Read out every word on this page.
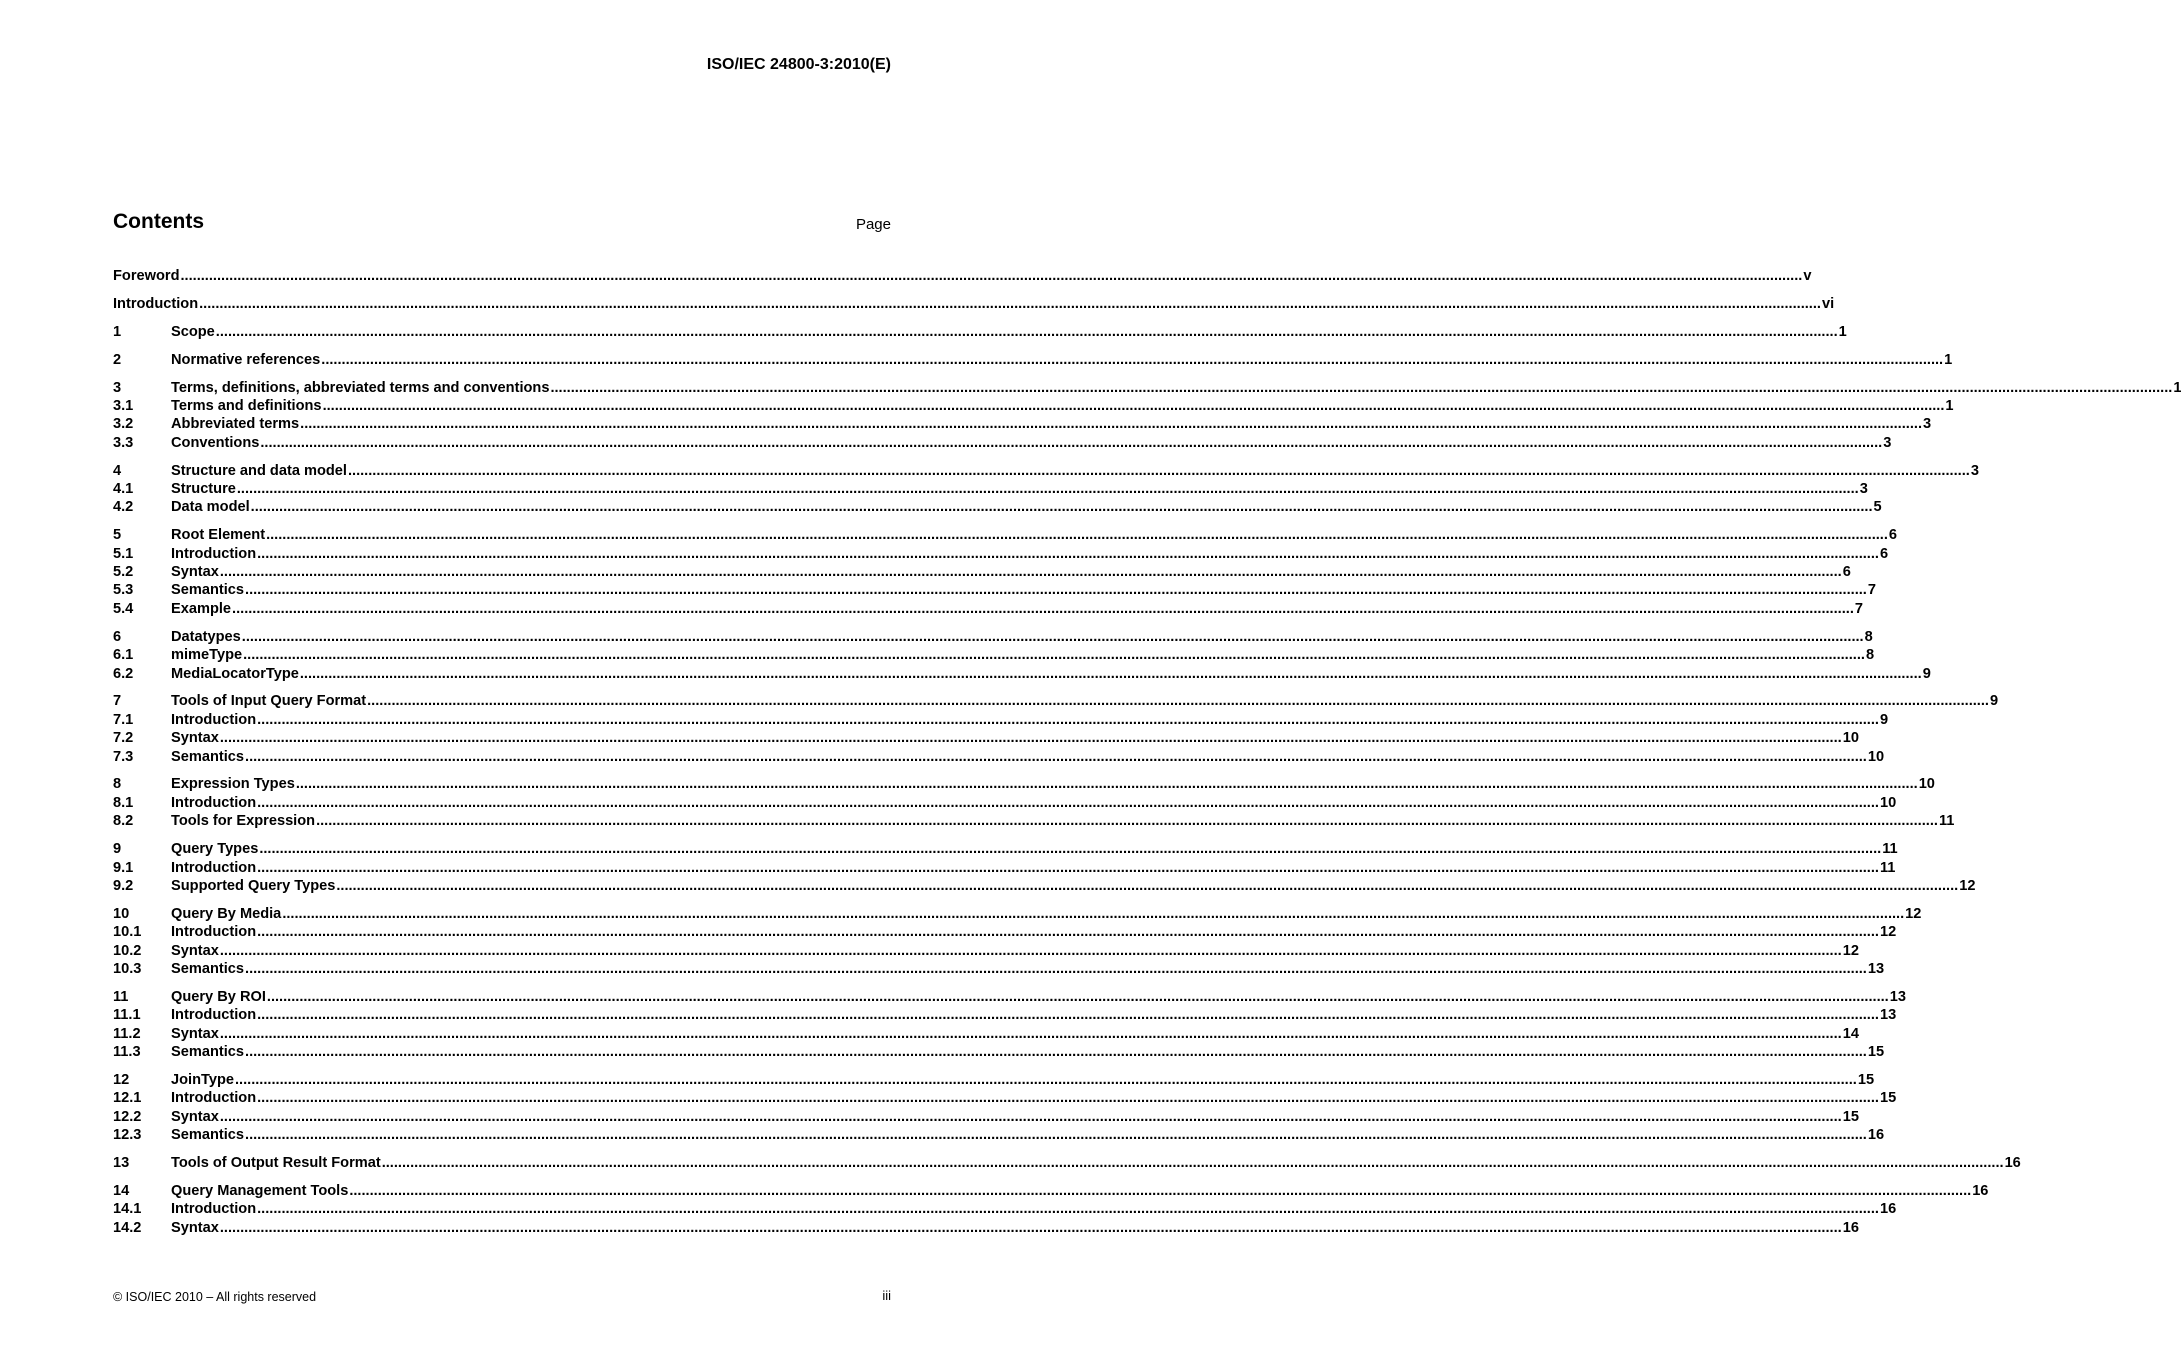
ISO/IEC 24800-3:2010(E)
Contents	Page
Foreword ................................................................................................................................................................................................................................................................................................................................................................................................................ v
Introduction ................................................................................................................................................................................................................................................................................................................................................................................................................ vi
1	Scope ................................................................................................................................................................................................................................................................................................................................................................................................................ 1
2	Normative references ................................................................................................................................................................................................................................................................................................................................................................................................................ 1
3	Terms, definitions, abbreviated terms and conventions ................................................................................................................................................................................................................................................................................................................................................................................................................ 1
3.1	Terms and definitions ................................................................................................................................................................................................................................................................................................................................................................................................................ 1
3.2	Abbreviated terms ................................................................................................................................................................................................................................................................................................................................................................................................................ 3
3.3	Conventions ................................................................................................................................................................................................................................................................................................................................................................................................................ 3
4	Structure and data model ................................................................................................................................................................................................................................................................................................................................................................................................................ 3
4.1	Structure ................................................................................................................................................................................................................................................................................................................................................................................................................ 3
4.2	Data model ................................................................................................................................................................................................................................................................................................................................................................................................................ 5
5	Root Element ................................................................................................................................................................................................................................................................................................................................................................................................................ 6
5.1	Introduction ................................................................................................................................................................................................................................................................................................................................................................................................................ 6
5.2	Syntax ................................................................................................................................................................................................................................................................................................................................................................................................................ 6
5.3	Semantics ................................................................................................................................................................................................................................................................................................................................................................................................................ 7
5.4	Example ................................................................................................................................................................................................................................................................................................................................................................................................................ 7
6	Datatypes ................................................................................................................................................................................................................................................................................................................................................................................................................ 8
6.1	mimeType ................................................................................................................................................................................................................................................................................................................................................................................................................ 8
6.2	MediaLocatorType ................................................................................................................................................................................................................................................................................................................................................................................................................ 9
7	Tools of Input Query Format ................................................................................................................................................................................................................................................................................................................................................................................................................ 9
7.1	Introduction ................................................................................................................................................................................................................................................................................................................................................................................................................ 9
7.2	Syntax ................................................................................................................................................................................................................................................................................................................................................................................................................ 10
7.3	Semantics ................................................................................................................................................................................................................................................................................................................................................................................................................ 10
8	Expression Types ................................................................................................................................................................................................................................................................................................................................................................................................................ 10
8.1	Introduction ................................................................................................................................................................................................................................................................................................................................................................................................................ 10
8.2	Tools for Expression ................................................................................................................................................................................................................................................................................................................................................................................................................ 11
9	Query Types ................................................................................................................................................................................................................................................................................................................................................................................................................ 11
9.1	Introduction ................................................................................................................................................................................................................................................................................................................................................................................................................ 11
9.2	Supported Query Types ................................................................................................................................................................................................................................................................................................................................................................................................................ 12
10	Query By Media ................................................................................................................................................................................................................................................................................................................................................................................................................ 12
10.1	Introduction ................................................................................................................................................................................................................................................................................................................................................................................................................ 12
10.2	Syntax ................................................................................................................................................................................................................................................................................................................................................................................................................ 12
10.3	Semantics ................................................................................................................................................................................................................................................................................................................................................................................................................ 13
11	Query By ROI ................................................................................................................................................................................................................................................................................................................................................................................................................ 13
11.1	Introduction ................................................................................................................................................................................................................................................................................................................................................................................................................ 13
11.2	Syntax ................................................................................................................................................................................................................................................................................................................................................................................................................ 14
11.3	Semantics ................................................................................................................................................................................................................................................................................................................................................................................................................ 15
12	JoinType ................................................................................................................................................................................................................................................................................................................................................................................................................ 15
12.1	Introduction ................................................................................................................................................................................................................................................................................................................................................................................................................ 15
12.2	Syntax ................................................................................................................................................................................................................................................................................................................................................................................................................ 15
12.3	Semantics ................................................................................................................................................................................................................................................................................................................................................................................................................ 16
13	Tools of Output Result Format ................................................................................................................................................................................................................................................................................................................................................................................................................ 16
14	Query Management Tools ................................................................................................................................................................................................................................................................................................................................................................................................................ 16
14.1	Introduction ................................................................................................................................................................................................................................................................................................................................................................................................................ 16
14.2	Syntax ................................................................................................................................................................................................................................................................................................................................................................................................................ 16
© ISO/IEC 2010 – All rights reserved	iii
